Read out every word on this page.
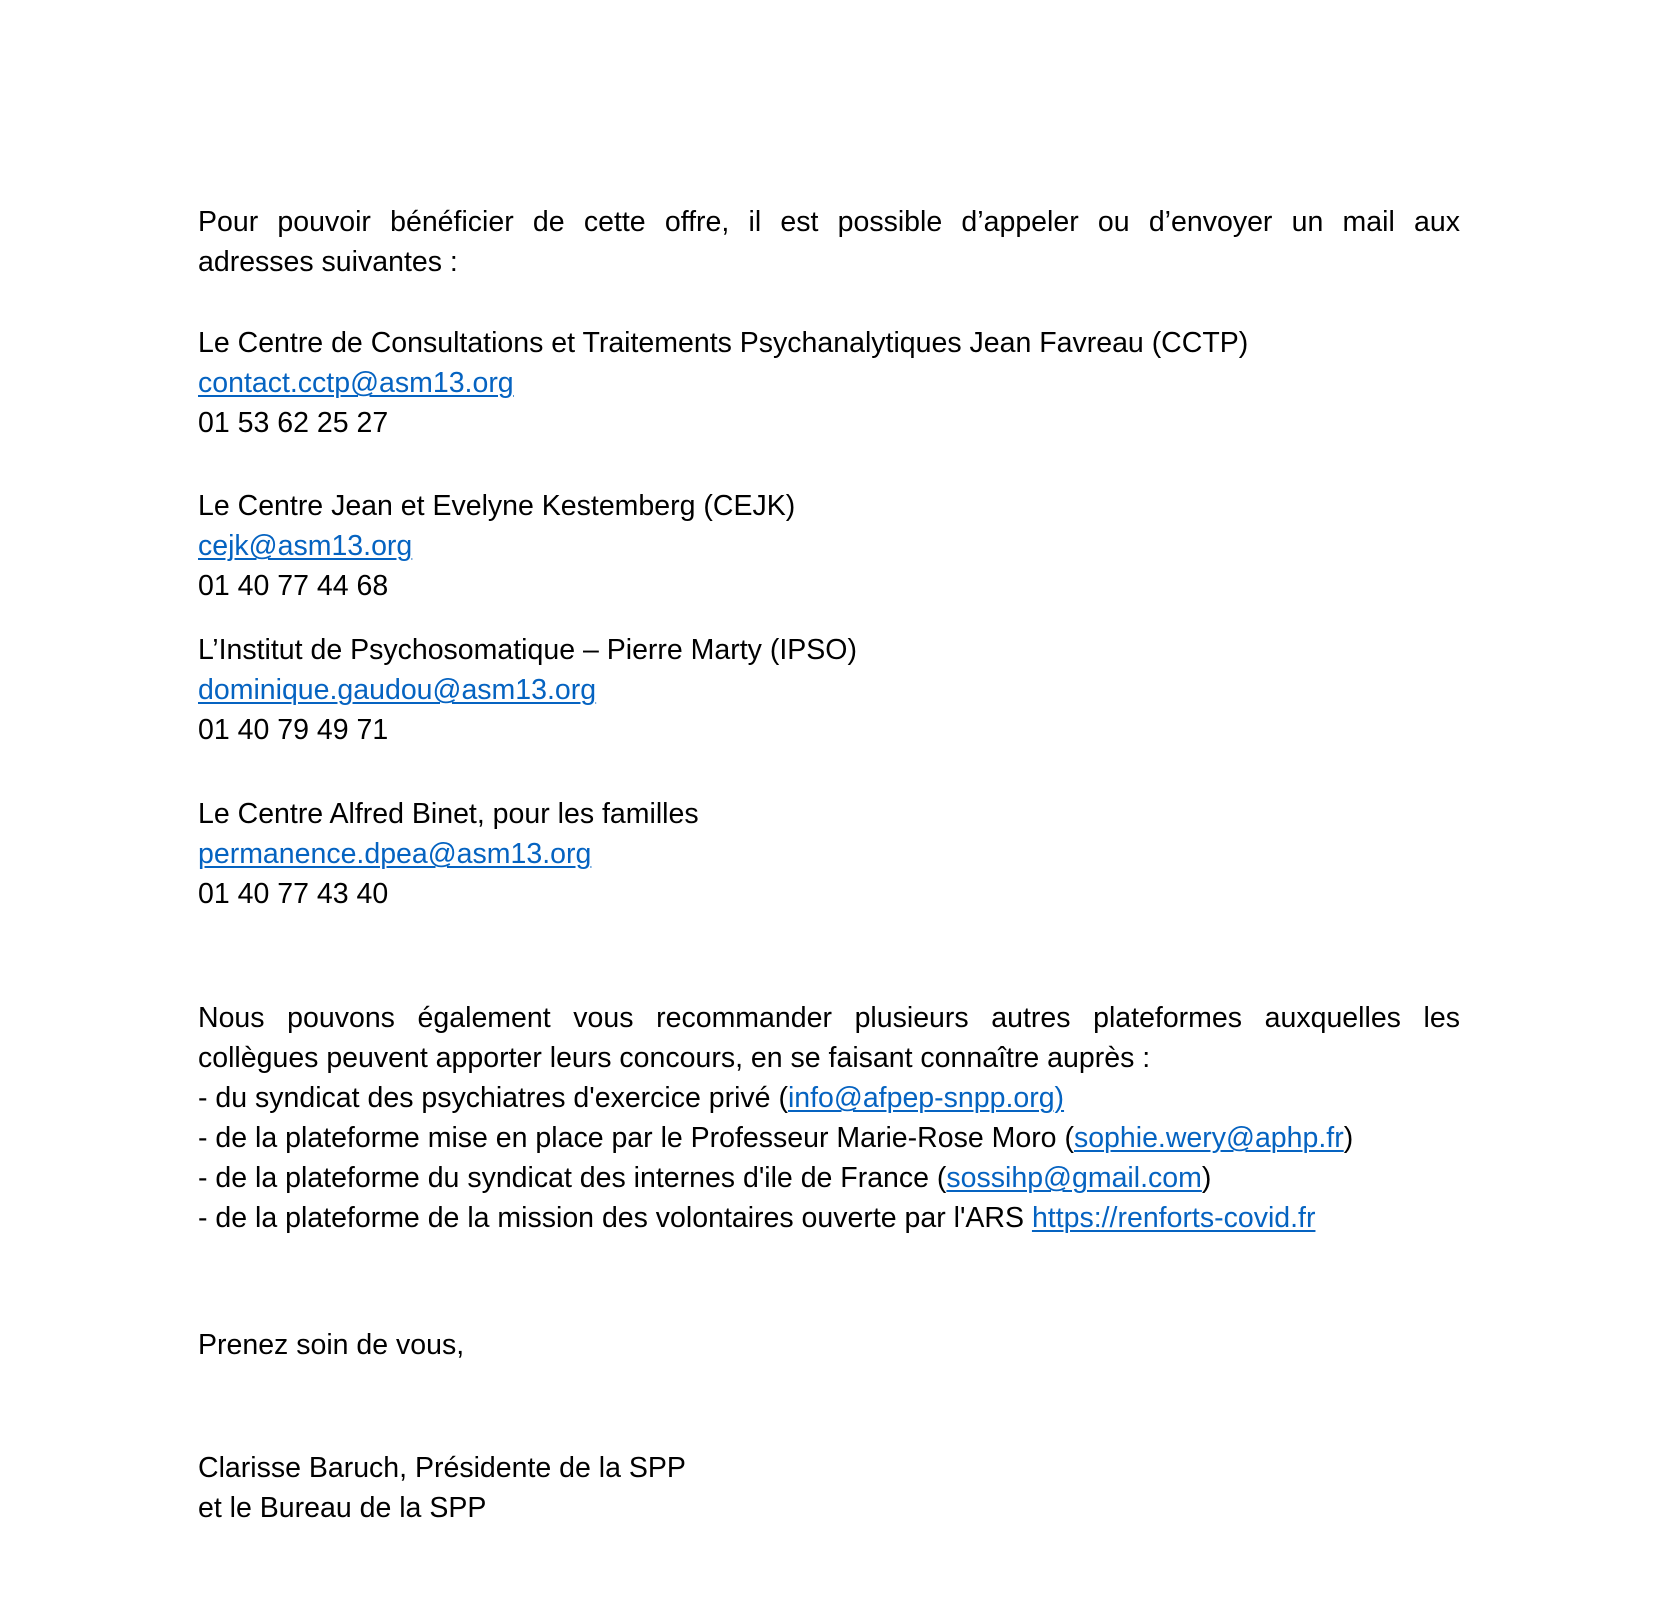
Pour pouvoir bénéficier de cette offre, il est possible d’appeler ou d’envoyer un mail aux
adresses suivantes :
Le Centre de Consultations et Traitements Psychanalytiques Jean Favreau (CCTP)
contact.cctp@asm13.org
01 53 62 25 27
Le Centre Jean et Evelyne Kestemberg (CEJK)
cejk@asm13.org
01 40 77 44 68
L’Institut de Psychosomatique – Pierre Marty (IPSO)
dominique.gaudou@asm13.org
01 40 79 49 71
Le Centre Alfred Binet, pour les familles
permanence.dpea@asm13.org
01 40 77 43 40
Nous pouvons également vous recommander plusieurs autres plateformes auxquelles les
collègues peuvent apporter leurs concours, en se faisant connaître auprès :
- du syndicat des psychiatres d'exercice privé (info@afpep-snpp.org)
- de la plateforme mise en place par le Professeur Marie-Rose Moro (sophie.wery@aphp.fr)
- de la plateforme du syndicat des internes d'ile de France (sossihp@gmail.com)
- de la plateforme de la mission des volontaires ouverte par l'ARS https://renforts-covid.fr
Prenez soin de vous,
Clarisse Baruch, Présidente de la SPP
et le Bureau de la SPP
